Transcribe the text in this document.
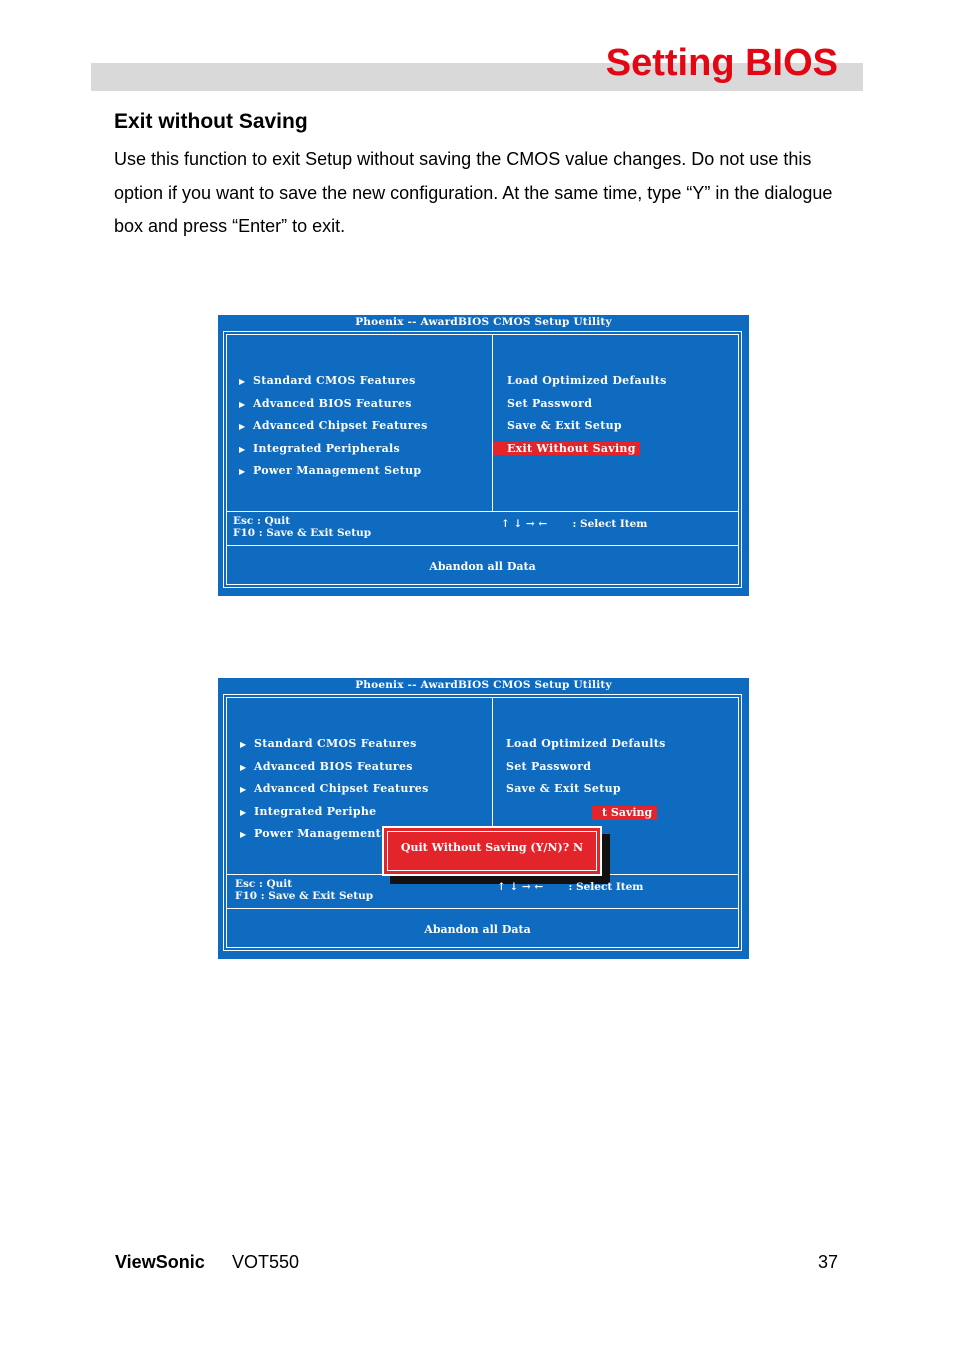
Setting BIOS
Exit without Saving
Use this function to exit Setup without saving the CMOS value changes. Do not use this option if you want to save the new configuration. At the same time, type “Y” in the dialogue box and press “Enter” to exit.
Phoenix -- AwardBIOS CMOS Setup Utility
▶ Standard CMOS Features
▶ Advanced BIOS Features
▶ Advanced Chipset Features
▶ Integrated Peripherals
▶ Power Management Setup
Load Optimized Defaults
Set Password
Save & Exit Setup
Exit Without Saving
Esc : Quit
F10 : Save & Exit Setup
↑ ↓ → ← : Select Item
Abandon all Data
Phoenix -- AwardBIOS CMOS Setup Utility
▶ Standard CMOS Features
▶ Advanced BIOS Features
▶ Advanced Chipset Features
▶ Integrated Periphe
▶ Power Management
Load Optimized Defaults
Set Password
Save & Exit Setup
t Saving
Quit Without Saving (Y/N)? N
Esc : Quit
F10 : Save & Exit Setup
↑ ↓ → ← : Select Item
Abandon all Data
ViewSonic VOT550	37
